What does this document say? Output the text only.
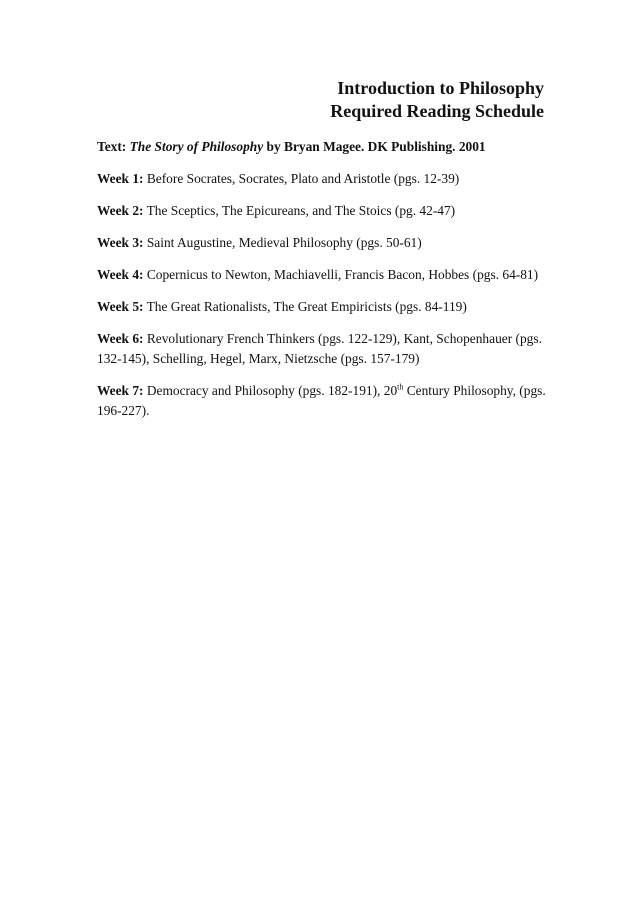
Introduction to Philosophy
Required Reading Schedule

Text: The Story of Philosophy by Bryan Magee. DK Publishing. 2001

Week 1: Before Socrates, Socrates, Plato and Aristotle (pgs. 12-39)

Week 2: The Sceptics, The Epicureans, and The Stoics (pg. 42-47)

Week 3: Saint Augustine, Medieval Philosophy (pgs. 50-61)

Week 4: Copernicus to Newton, Machiavelli, Francis Bacon, Hobbes (pgs. 64-81)

Week 5: The Great Rationalists, The Great Empiricists (pgs. 84-119)

Week 6: Revolutionary French Thinkers (pgs. 122-129), Kant, Schopenhauer (pgs. 132-145), Schelling, Hegel, Marx, Nietzsche (pgs. 157-179)

Week 7: Democracy and Philosophy (pgs. 182-191), 20th Century Philosophy, (pgs. 196-227).
